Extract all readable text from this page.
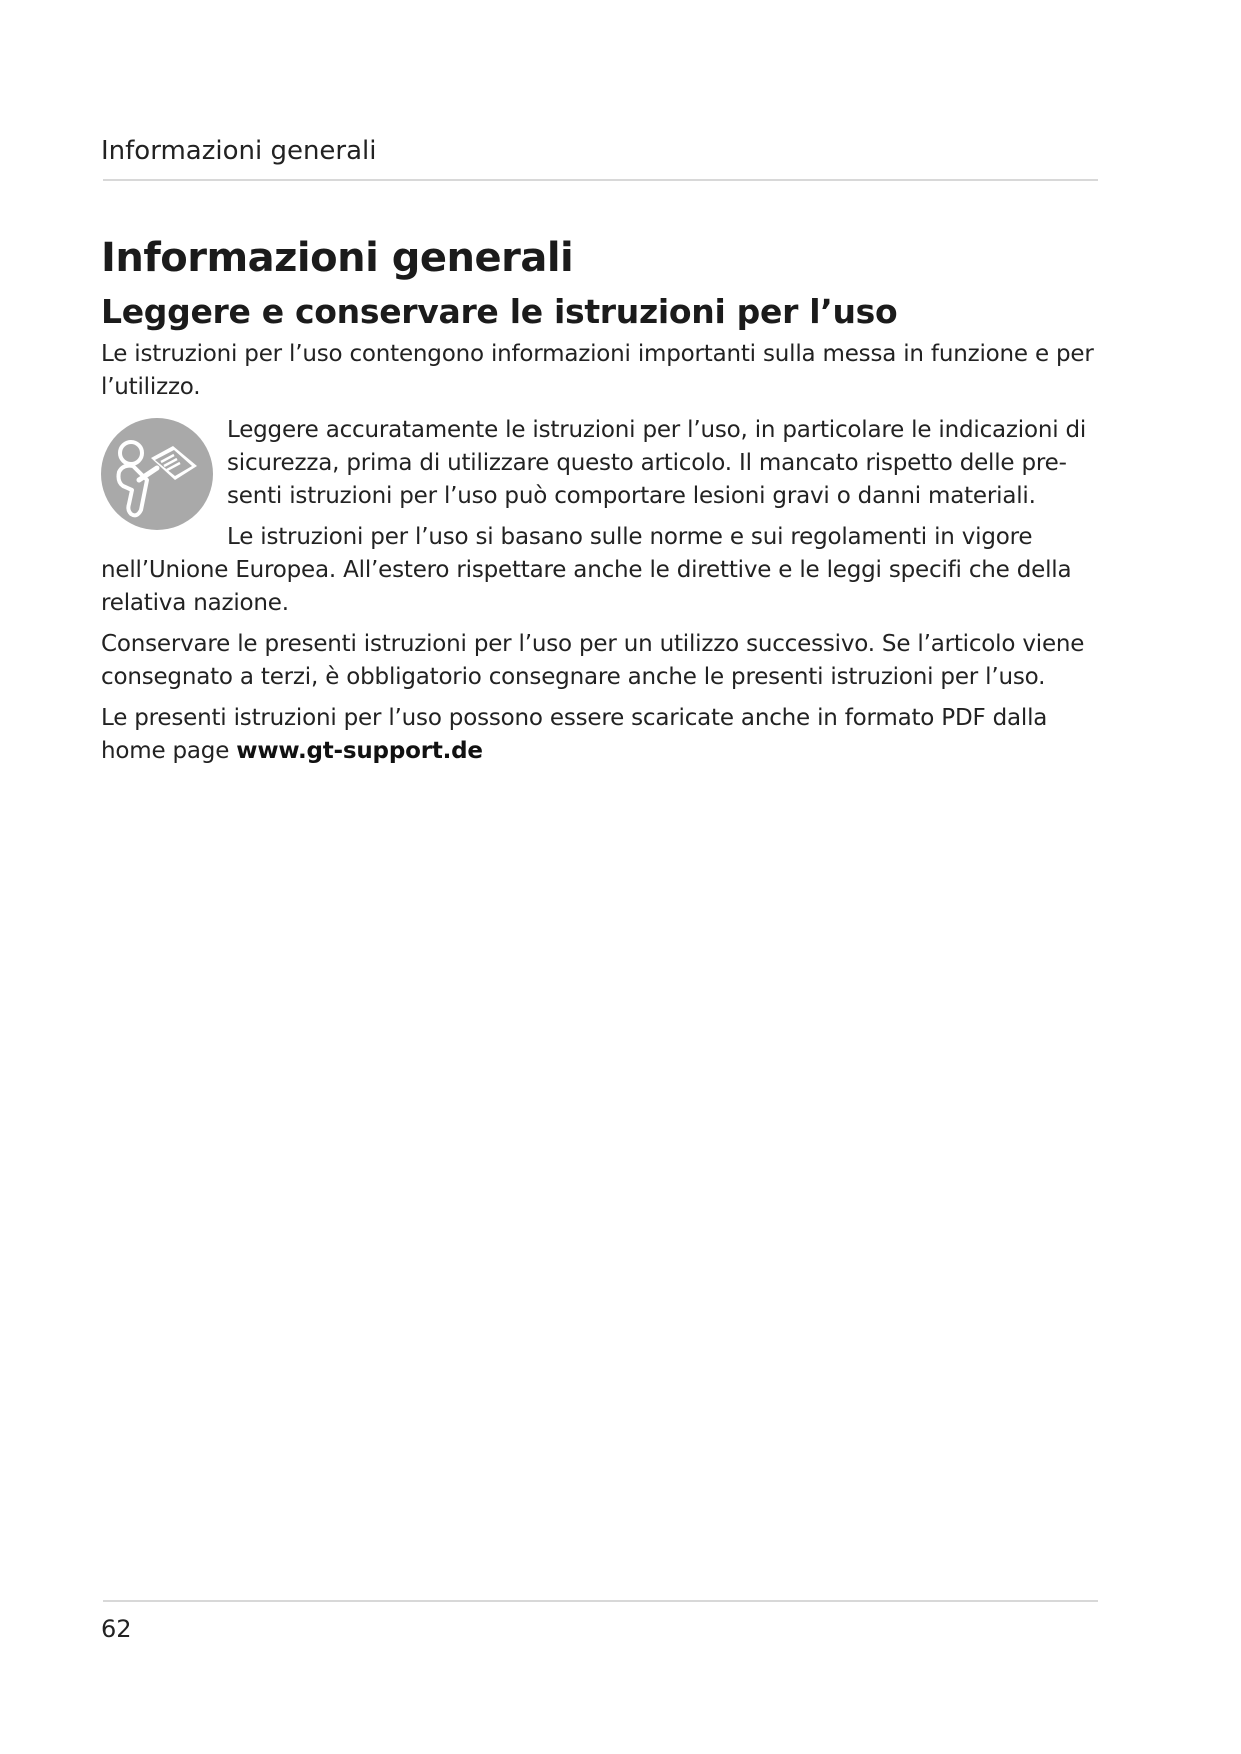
Informazioni generali
Informazioni generali
Leggere e conservare le istruzioni per l’uso

Le istruzioni per l’uso contengono informazioni importanti sulla messa in funzione e per l’utilizzo.

Leggere accuratamente le istruzioni per l’uso, in particolare le indicazioni di

sicurezza, prima di utilizzare questo articolo. Il mancato rispetto delle pre-

senti istruzioni per l’uso può comportare lesioni gravi o danni materiali.

Le istruzioni per l’uso si basano sulle norme e sui regolamenti in vigore nell’Unione Europea. All’estero rispettare anche le direttive e le leggi specifi che della relativa nazione.

Conservare le presenti istruzioni per l’uso per un utilizzo successivo. Se l’articolo viene consegnato a terzi, è obbligatorio consegnare anche le presenti istruzioni per l’uso.

Le presenti istruzioni per l’uso possono essere scaricate anche in formato PDF dalla home page www.gt-support.de

62
